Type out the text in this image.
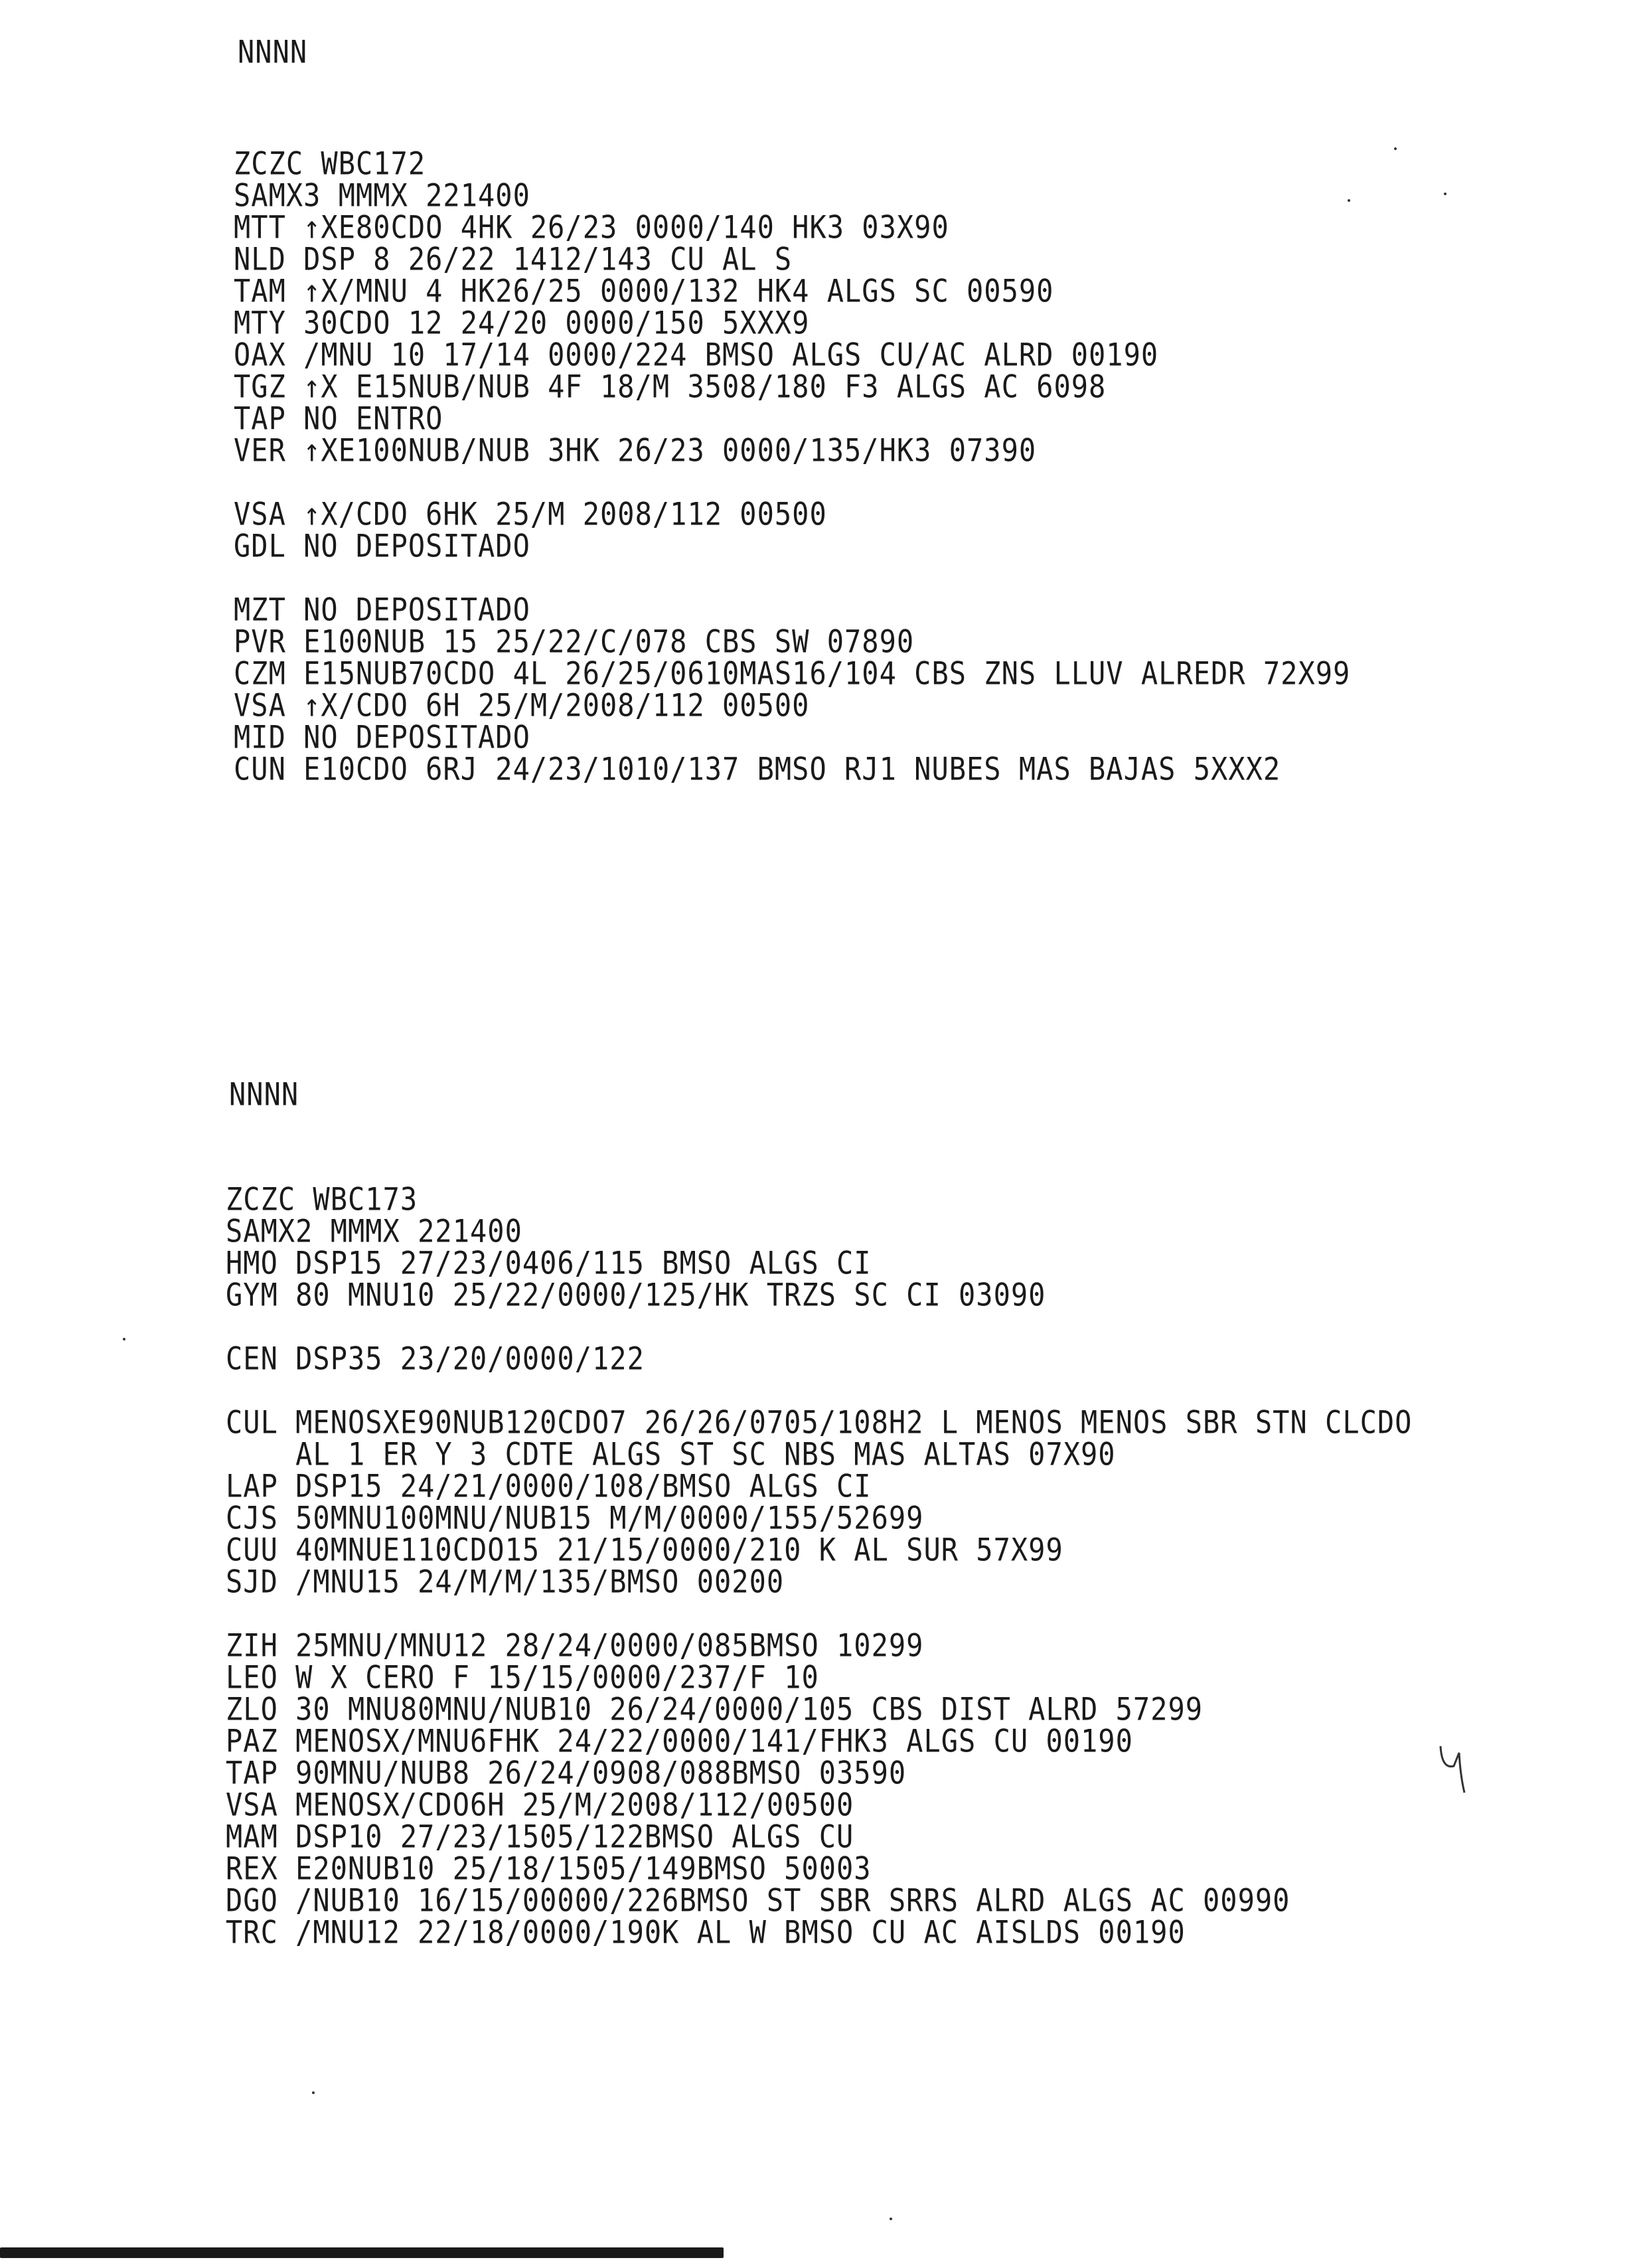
NNNN
ZCZC WBC172
SAMX3 MMMX 221400
MTT ↑XE80CDO 4HK 26/23 0000/140 HK3 03X90
NLD DSP 8 26/22 1412/143 CU AL S
TAM ↑X/MNU 4 HK26/25 0000/132 HK4 ALGS SC 00590
MTY 30CDO 12 24/20 0000/150 5XXX9
OAX /MNU 10 17/14 0000/224 BMSO ALGS CU/AC ALRD 00190
TGZ ↑X E15NUB/NUB 4F 18/M 3508/180 F3 ALGS AC 6098
TAP NO ENTRO
VER ↑XE100NUB/NUB 3HK 26/23 0000/135/HK3 07390
VSA ↑X/CDO 6HK 25/M 2008/112 00500
GDL NO DEPOSITADO
MZT NO DEPOSITADO
PVR E100NUB 15 25/22/C/078 CBS SW 07890
CZM E15NUB70CDO 4L 26/25/0610MAS16/104 CBS ZNS LLUV ALREDR 72X99
VSA ↑X/CDO 6H 25/M/2008/112 00500
MID NO DEPOSITADO
CUN E10CDO 6RJ 24/23/1010/137 BMSO RJ1 NUBES MAS BAJAS 5XXX2
NNNN
ZCZC WBC173
SAMX2 MMMX 221400
HMO DSP15 27/23/0406/115 BMSO ALGS CI
GYM 80 MNU10 25/22/0000/125/HK TRZS SC CI 03090
CEN DSP35 23/20/0000/122
CUL MENOSXE90NUB120CDO7 26/26/0705/108H2 L MENOS MENOS SBR STN CLCDO
AL 1 ER Y 3 CDTE ALGS ST SC NBS MAS ALTAS 07X90
LAP DSP15 24/21/0000/108/BMSO ALGS CI
CJS 50MNU100MNU/NUB15 M/M/0000/155/52699
CUU 40MNUE110CDO15 21/15/0000/210 K AL SUR 57X99
SJD /MNU15 24/M/M/135/BMSO 00200
ZIH 25MNU/MNU12 28/24/0000/085BMSO 10299
LEO W X CERO F 15/15/0000/237/F 10
ZLO 30 MNU80MNU/NUB10 26/24/0000/105 CBS DIST ALRD 57299
PAZ MENOSX/MNU6FHK 24/22/0000/141/FHK3 ALGS CU 00190
TAP 90MNU/NUB8 26/24/0908/088BMSO 03590
VSA MENOSX/CDO6H 25/M/2008/112/00500
MAM DSP10 27/23/1505/122BMSO ALGS CU
REX E20NUB10 25/18/1505/149BMSO 50003
DGO /NUB10 16/15/00000/226BMSO ST SBR SRRS ALRD ALGS AC 00990
TRC /MNU12 22/18/0000/190K AL W BMSO CU AC AISLDS 00190
